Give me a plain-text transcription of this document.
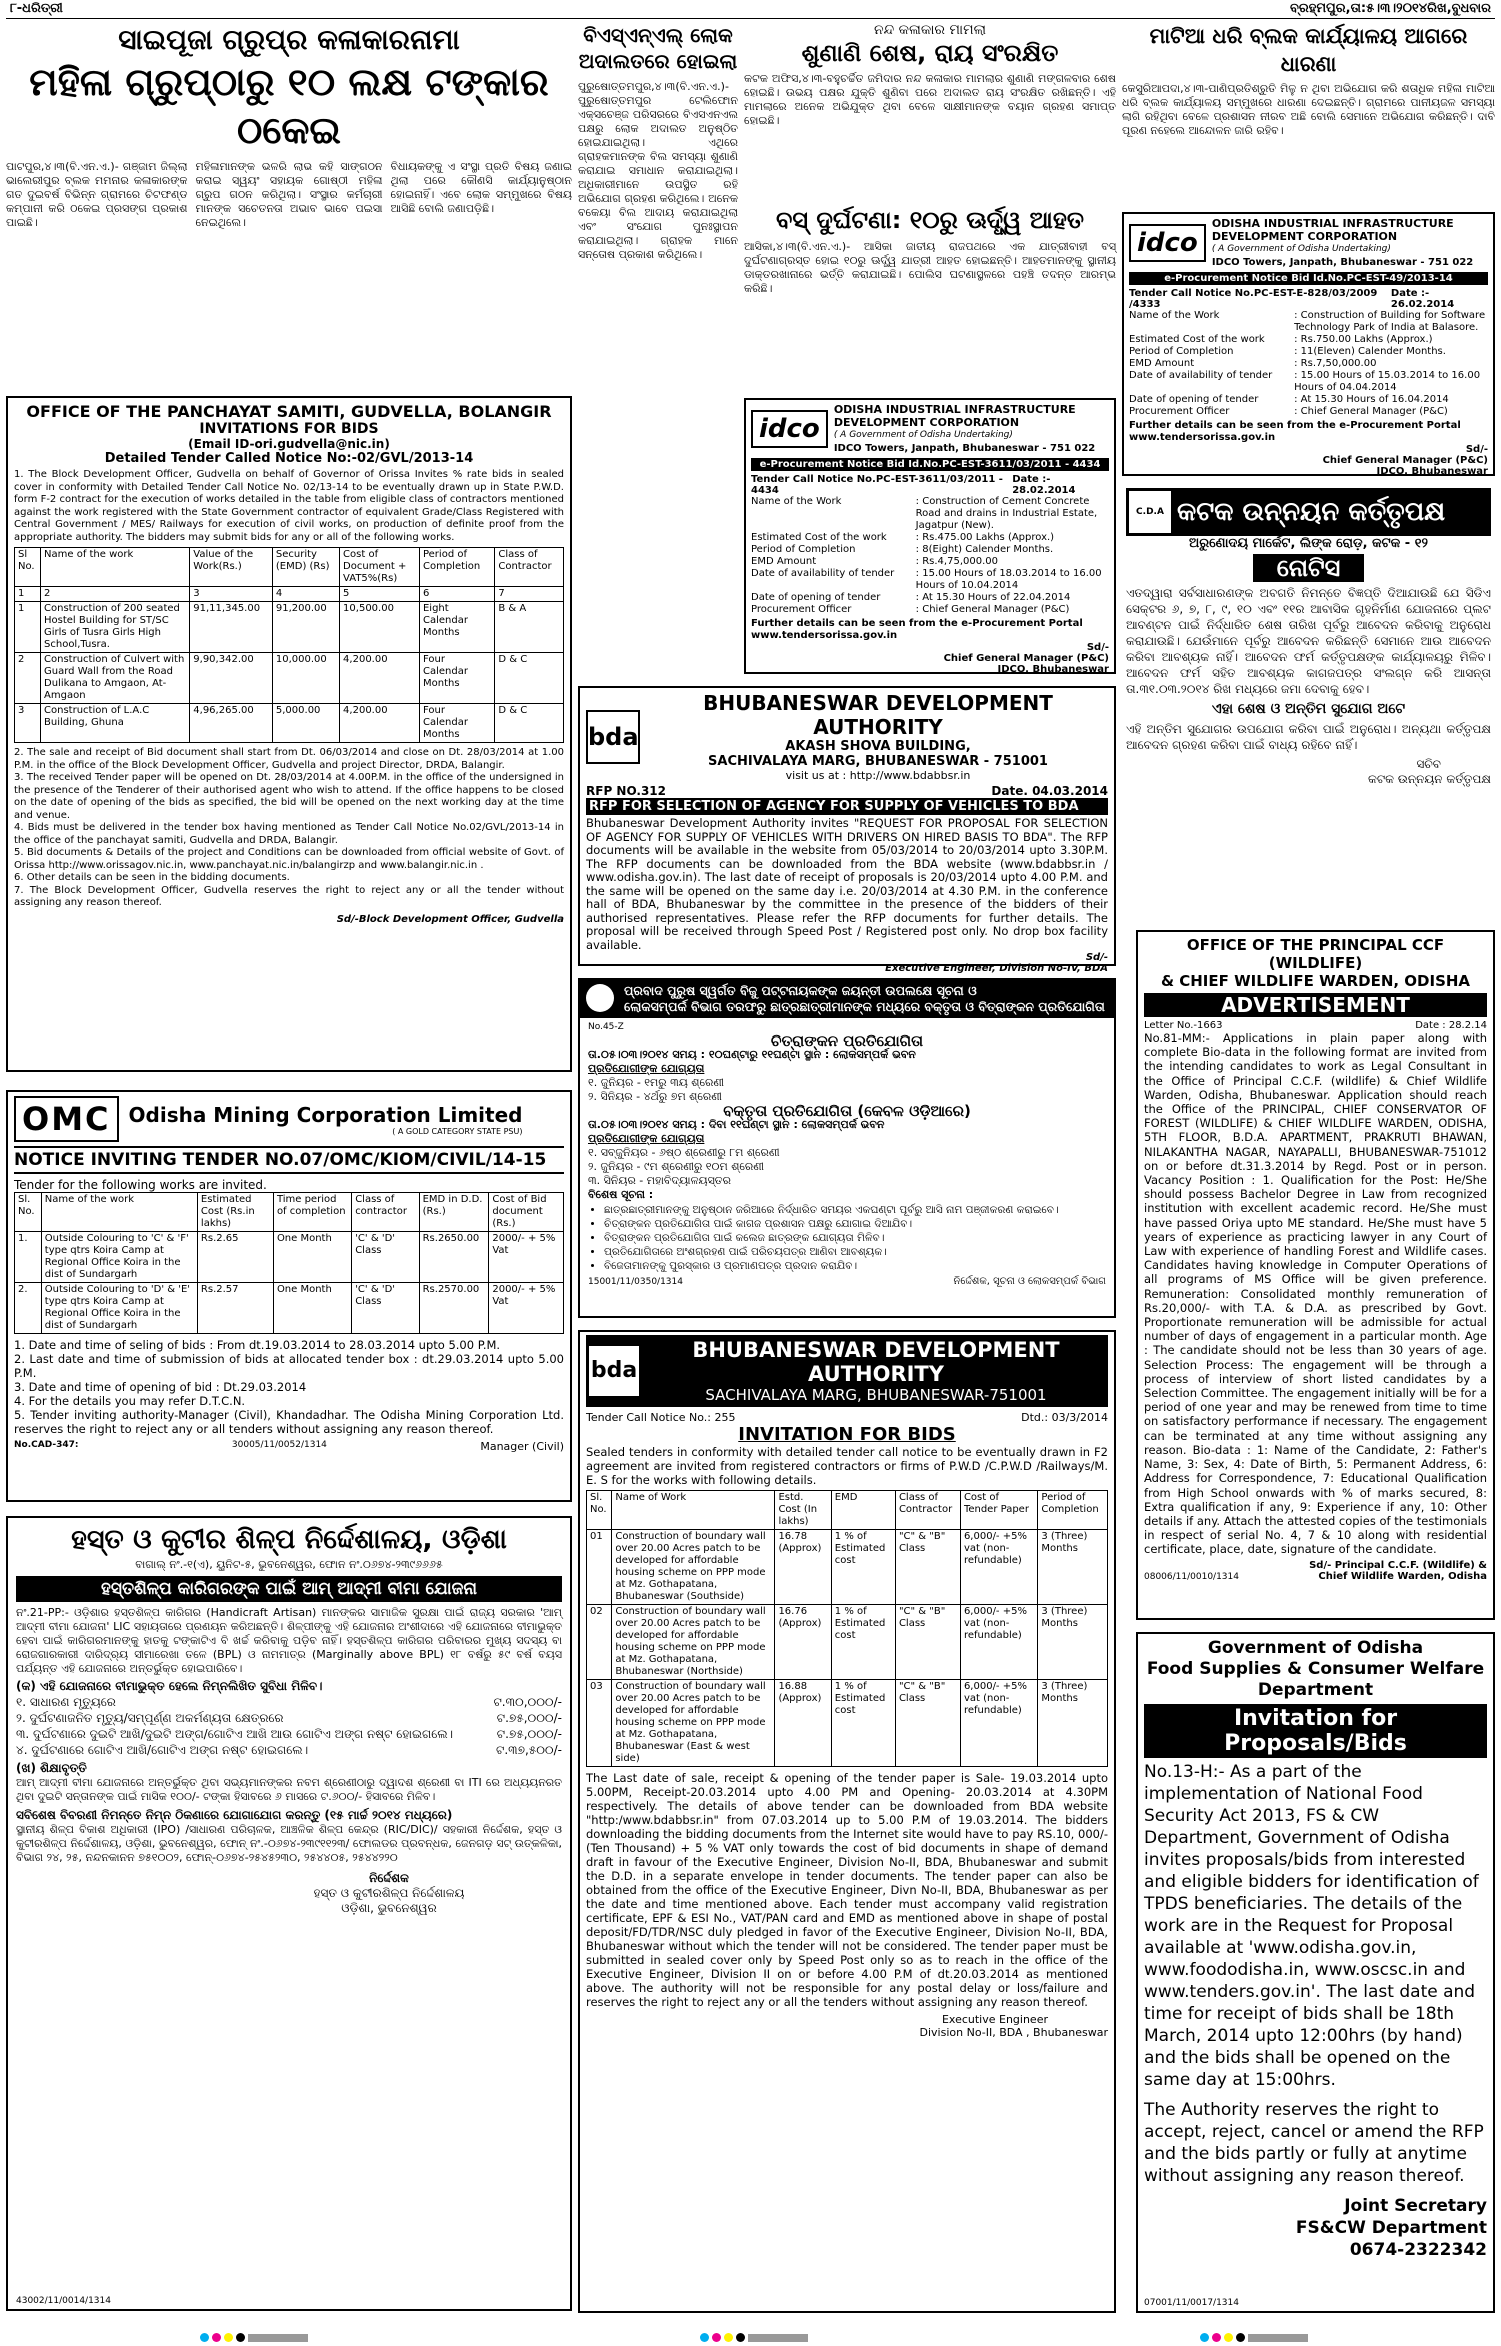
୮-ଧରିତ୍ରୀ	ବ୍ରହ୍ମପୁର,ତା:୫।୩।୨୦୧୪ରିଖ,ବୁଧବାର
ସାଇପୂଜା ଗ୍ରୁପ୍ର କଳାକାରନାମା
ମହିଳା ଗ୍ରୁପ୍‌ଠାରୁ ୧୦ ଲକ୍ଷ ଟଙ୍କାର ଠକେଇ
ପାଟପୁର,୪।୩(ବି.ଏନ.ଏ.)- ଗଞ୍ଜାମ ଜିଲ୍ଲା ଭାଲେରୀପୁର ବ୍ଲକ ମମନାର କଳାକାରଙ୍କ ଗତ ଦୁଇବର୍ଷ ବିଭିନ୍ନ ଗ୍ରାମରେ ଚିଟଫଣ୍ଡ କମ୍ପାନୀ କରି ଠକେଇ ପ୍ରସଙ୍ଗ ପ୍ରକାଶ ପାଇଛି।
ମହିଳାମାନଙ୍କ ଭଳରି ଲାଭ କହି ସାଙ୍ଗଠନ କରାଇ ସ୍ୱୟଂ ସହାୟକ ଗୋଷ୍ଠୀ ମହିଳା ଗ୍ରୁପ ଗଠନ କରିଥିଲା। ସଂସ୍ଥାର କର୍ମଚାରୀ ମାନଙ୍କ ସଚେତନତା ଅଭାବ ଭାବେ ପଇସା ନେଇଥିଲେ।
ବିଧାୟକଙ୍କୁ ଏ ସଂସ୍ଥା ପ୍ରତି ବିଷୟ ଜଣାଇ ଥିଲା ପରେ କୌଣସି କାର୍ଯ୍ୟାନୁଷ୍ଠାନ ହୋଇନାହିଁ। ଏବେ ଲୋକ ସମ୍ମୁଖରେ ବିଷୟ ଆସିଛି ବୋଲି ଜଣାପଡ଼ିଛି।
ବିଏସ୍‌ଏନ୍‌ଏଲ୍ ଲୋକ ଅଦାଲତରେ ହୋଇଲା
ପୁରୁଷୋତ୍ତମପୁର,୪।୩(ବି.ଏନ.ଏ.)- ପୁରୁଷୋତ୍ତମପୁର ଟେଲିଫୋନ ଏକ୍ସଚେଞ୍ଜ ପରିସରରେ ବିଏସଏନଏଲ ପକ୍ଷରୁ ଲୋକ ଅଦାଲତ ଅନୁଷ୍ଠିତ ହୋଇଯାଇଥିଲା। ଏଥିରେ ଗ୍ରାହକମାନଙ୍କ ବିଲ ସମସ୍ୟା ଶୁଣାଣି କରାଯାଇ ସମାଧାନ କରାଯାଇଥିଲା। ଅଧିକାରୀମାନେ ଉପସ୍ଥିତ ରହି ଅଭିଯୋଗ ଗ୍ରହଣ କରିଥିଲେ। ଅନେକ ବକେୟା ବିଲ ଆଦାୟ କରାଯାଇଥିଲା ଏବଂ ସଂଯୋଗ ପୁନଃସ୍ଥାପନ କରାଯାଇଥିଲା। ଗ୍ରାହକ ମାନେ ସନ୍ତୋଷ ପ୍ରକାଶ କରିଥିଲେ।
ନନ୍ଦ କଳାକାର ମାମଲା
ଶୁଣାଣି ଶେଷ, ରାୟ ସଂରକ୍ଷିତ
କଟକ ଅଫିସ,୪।୩-ବହୁଚର୍ଚ୍ଚିତ ଜମିଦାର ନନ୍ଦ କଳାକାର ମାମଲାର ଶୁଣାଣି ମଙ୍ଗଳବାର ଶେଷ ହୋଇଛି। ଉଭୟ ପକ୍ଷର ଯୁକ୍ତି ଶୁଣିବା ପରେ ଅଦାଲତ ରାୟ ସଂରକ୍ଷିତ ରଖିଛନ୍ତି। ଏହି ମାମଲାରେ ଅନେକ ଅଭିଯୁକ୍ତ ଥିବା ବେଳେ ସାକ୍ଷୀମାନଙ୍କ ବୟାନ ଗ୍ରହଣ ସମାପ୍ତ ହୋଇଛି।
ବସ୍ ଦୁର୍ଘଟଣା: ୧୦ରୁ ଊର୍ଦ୍ଧ୍ୱ ଆହତ
ଆସିକା,୪।୩(ବି.ଏନ.ଏ.)- ଆସିକା ଜାତୀୟ ରାଜପଥରେ ଏକ ଯାତ୍ରୀବାହୀ ବସ୍ ଦୁର୍ଘଟଣାଗ୍ରସ୍ତ ହୋଇ ୧୦ରୁ ଊର୍ଦ୍ଧ୍ୱ ଯାତ୍ରୀ ଆହତ ହୋଇଛନ୍ତି। ଆହତମାନଙ୍କୁ ସ୍ଥାନୀୟ ଡାକ୍ତରଖାନାରେ ଭର୍ତ୍ତି କରାଯାଇଛି। ପୋଲିସ ଘଟଣାସ୍ଥଳରେ ପହଞ୍ଚି ତଦନ୍ତ ଆରମ୍ଭ କରିଛି।
ମାଟିଆ ଧରି ବ୍ଲକ କାର୍ଯ୍ୟାଳୟ ଆଗରେ ଧାରଣା
କେସୁରିଆପଦା,୪।୩-ପାଣିପ୍ରତିଶ୍ରୁତି ମିଳୁ ନ ଥିବା ଅଭିଯୋଗ କରି ଶତାଧିକ ମହିଳା ମାଟିଆ ଧରି ବ୍ଲକ କାର୍ଯ୍ୟାଳୟ ସମ୍ମୁଖରେ ଧାରଣା ଦେଇଛନ୍ତି। ଗ୍ରାମରେ ପାନୀୟଜଳ ସମସ୍ୟା ଲାଗି ରହିଥିବା ବେଳେ ପ୍ରଶାସନ ନୀରବ ଅଛି ବୋଲି ସେମାନେ ଅଭିଯୋଗ କରିଛନ୍ତି। ଦାବି ପୂରଣ ନହେଲେ ଆନ୍ଦୋଳନ ଜାରି ରହିବ।
OFFICE OF THE PANCHAYAT SAMITI, GUDVELLA, BOLANGIR
INVITATIONS FOR BIDS
(Email ID-ori.gudvella@nic.in)
Detailed Tender Called Notice No:-02/GVL/2013-14
1. The Block Development Officer, Gudvella on behalf of Governor of Orissa Invites % rate bids in sealed cover in conformity with Detailed Tender Call Notice No. 02/13-14 to be eventually drawn up in State P.W.D. form F-2 contract for the execution of works detailed in the table from eligible class of contractors mentioned against the work registered with the State Government contractor of equivalent Grade/Class Registered with Central Government / MES/ Railways for execution of civil works, on production of definite proof from the appropriate authority. The bidders may submit bids for any or all of the following works.
Sl No.	Name of the work	Value of the Work(Rs.)	Security (EMD) (Rs)	Cost of Document + VAT5%(Rs)	Period of Completion	Class of Contractor
1	2	3	4	5	6	7
1	Construction of 200 seated Hostel Building for ST/SC Girls of Tusra Girls High School,Tusra.	91,11,345.00	91,200.00	10,500.00	Eight Calendar Months	B & A
2	Construction of Culvert with Guard Wall from the Road Dulikana to Amgaon, At-Amgaon	9,90,342.00	10,000.00	4,200.00	Four Calendar Months	D & C
3	Construction of L.A.C Building, Ghuna	4,96,265.00	5,000.00	4,200.00	Four Calendar Months	D & C
2. The sale and receipt of Bid document shall start from Dt. 06/03/2014 and close on Dt. 28/03/2014 at 1.00 P.M. in the office of the Block Development Officer, Gudvella and project Director, DRDA, Balangir.
3. The received Tender paper will be opened on Dt. 28/03/2014 at 4.00P.M. in the office of the undersigned in the presence of the Tenderer of their authorised agent who wish to attend. If the office happens to be closed on the date of opening of the bids as specified, the bid will be opened on the next working day at the time and venue.
4. Bids must be delivered in the tender box having mentioned as Tender Call Notice No.02/GVL/2013-14 in the office of the panchayat samiti, Gudvella and DRDA, Balangir.
5. Bid documents & Details of the project and Conditions can be downloaded from official website of Govt. of Orissa http://www.orissagov.nic.in, www.panchayat.nic.in/balangirzp and www.balangir.nic.in .
6. Other details can be seen in the bidding documents.
7. The Block Development Officer, Gudvella reserves the right to reject any or all the tender without assigning any reason thereof.
Sd/-Block Development Officer, Gudvella
OMC Odisha Mining Corporation Limited
( A GOLD CATEGORY STATE PSU)
NOTICE INVITING TENDER NO.07/OMC/KIOM/CIVIL/14-15
Tender for the following works are invited.
Sl. No.	Name of the work	Estimated Cost (Rs.in lakhs)	Time period of completion	Class of contractor	EMD in D.D. (Rs.)	Cost of Bid document (Rs.)
1.	Outside Colouring to 'C' & 'F' type qtrs Koira Camp at Regional Office Koira in the dist of Sundargarh	Rs.2.65	One Month	'C' & 'D' Class	Rs.2650.00	2000/- + 5% Vat
2.	Outside Colouring to 'D' & 'E' type qtrs Koira Camp at Regional Office Koira in the dist of Sundargarh	Rs.2.57	One Month	'C' & 'D' Class	Rs.2570.00	2000/- + 5% Vat
1. Date and time of seling of bids : From dt.19.03.2014 to 28.03.2014 upto 5.00 P.M.
2. Last date and time of submission of bids at allocated tender box : dt.29.03.2014 upto 5.00 P.M.
3. Date and time of opening of bid : Dt.29.03.2014
4. For the details you may refer D.T.C.N.
5. Tender inviting authority-Manager (Civil), Khandadhar. The Odisha Mining Corporation Ltd. reserves the right to reject any or all tenders without assigning any reason thereof.
No.CAD-347:	30005/11/0052/1314	Manager (Civil)
ହସ୍ତ ଓ କୁଟୀର ଶିଳ୍ପ ନିର୍ଦ୍ଦେଶାଳୟ, ଓଡ଼ିଶା
ବାଗାଲ୍ ନଂ.-୧(ଏ), ୟୁନିଟ-୫, ଭୁବନେଶ୍ୱର, ଫୋନ ନଂ.୦୬୭୪-୨୩୯୬୬୬୫
ହସ୍ତଶିଳ୍ପ କାରିଗରଙ୍କ ପାଇଁ ଆମ୍ ଆଦ୍‌ମୀ ବୀମା ଯୋଜନା
ନଂ.21-PP:- ଓଡ଼ିଶାର ହସ୍ତଶିଳ୍ପ କାରିଗର (Handicraft Artisan) ମାନଙ୍କର ସାମାଜିକ ସୁରକ୍ଷା ପାଇଁ ରାଜ୍ୟ ସରକାର 'ଆମ୍ ଆଦ୍‌ମୀ ବୀମା ଯୋଜନା' LIC ସହାୟତାରେ ପ୍ରଣୟନ କରିଅଛନ୍ତି। ଶିଳ୍ପୀଙ୍କୁ ଏହି ଯୋଜନାର ଅଂଶୀଦାରେ ଏହି ଯୋଜନାରେ ବୀମାଭୁକ୍ତ ହେବା ପାଇଁ କାରିଗରମାନଙ୍କୁ ହାତକୁ ଟଙ୍କାଟିଏ ବି ଖର୍ଚ୍ଚ କରିବାକୁ ପଡ଼ିବ ନାହିଁ। ହସ୍ତଶିଳ୍ପ କାରିଗର ପରିବାରର ମୁଖ୍ୟ ସଦସ୍ୟ ବା ରୋଜଗାରକାରୀ ଦାରିଦ୍ର୍ୟ ସୀମାରେଖା ତଳେ (BPL) ଓ ନାମମାତ୍ର (Marginally above BPL) ୧୮ ବର୍ଷରୁ ୫୯ ବର୍ଷ ବୟସ ପର୍ଯ୍ୟନ୍ତ ଏହି ଯୋଜନାରେ ଅନ୍ତର୍ଭୁକ୍ତ ହୋଇପାରିବେ।
(କ) ଏହି ଯୋଜନାରେ ବୀମାଭୁକ୍ତ ହେଲେ ନିମ୍ନଲିଖିତ ସୁବିଧା ମିଳିବ।
୧. ସାଧାରଣ ମୃତ୍ୟୁରେ	ଟ.୩୦,୦୦୦/-
୨. ଦୁର୍ଘଟଣାଜନିତ ମୃତ୍ୟୁ/ସମ୍ପୂର୍ଣ୍ଣ ଅକର୍ମଣ୍ୟତା କ୍ଷେତ୍ରରେ	ଟ.୭୫,୦୦୦/-
୩. ଦୁର୍ଘଟଣାରେ ଦୁଇଟି ଆଖି/ଦୁଇଟି ଅଙ୍ଗ/ଗୋଟିଏ ଆଖି ଆଉ ଗୋଟିଏ ଅଙ୍ଗ ନଷ୍ଟ ହୋଇଗଲେ।	ଟ.୭୫,୦୦୦/-
୪. ଦୁର୍ଘଟଣାରେ ଗୋଟିଏ ଆଖି/ଗୋଟିଏ ଅଙ୍ଗ ନଷ୍ଟ ହୋଇଗଲେ।	ଟ.୩୭,୫୦୦/-
(ଖ) ଶିକ୍ଷାବୃତ୍ତି
ଆମ୍ ଆଦ୍‌ମୀ ବୀମା ଯୋଜନାରେ ଅନ୍ତର୍ଭୁକ୍ତ ଥିବା ସଭ୍ୟମାନଙ୍କର ନବମ ଶ୍ରେଣୀଠାରୁ ଦ୍ୱାଦଶ ଶ୍ରେଣୀ ବା ITI ରେ ଅଧ୍ୟୟନରତ ଥିବା ଦୁଇଟି ସନ୍ତାନଙ୍କ ପାଇଁ ମାସିକ ୧୦୦/- ଟଙ୍କା ହିସାବରେ ୬ ମାସରେ ଟ.୬୦୦/- ହିସାବରେ ମିଳିବ।
ସବିଶେଷ ବିବରଣୀ ନିମନ୍ତେ ନିମ୍ନ ଠିକଣାରେ ଯୋଗାଯୋଗ କରନ୍ତୁ (୧୫ ମାର୍ଚ୍ଚ ୨୦୧୪ ମଧ୍ୟରେ)
ସ୍ଥାନୀୟ ଶିଳ୍ପ ବିକାଶ ଅଧିକାରୀ (IPO) /ସାଧାରଣ ପରିଚାଳକ, ଆଞ୍ଚଳିକ ଶିଳ୍ପ କେନ୍ଦ୍ର (RIC/DIC)/ ସହକାରୀ ନିର୍ଦ୍ଦେଶକ, ହସ୍ତ ଓ କୁଟୀରଶିଳ୍ପ ନିର୍ଦ୍ଦେଶାଳୟ, ଓଡ଼ିଶା, ଭୁବନେଶ୍ୱର, ଫୋନ୍ ନଂ.-୦୬୭୪-୨୩୯୧୧୨୩/ ଫୋଲଡର ପ୍ରବନ୍ଧକ, ଜେନଗଡ଼ ସଟ୍ ଉତ୍କଳିକା, ବିଭାଗ ୨୪, ୨୫, ନନ୍ଦନକାନନ ୭୫୧୦୦୨, ଫୋନ୍-୦୬୭୪-୨୫୪୫୨୩୦, ୨୫୪୪୦୫, ୨୫୪୪୨୨୦
ନିର୍ଦ୍ଦେଶକ
ହସ୍ତ ଓ କୁଟୀରଶିଳ୍ପ ନିର୍ଦ୍ଦେଶାଳୟ
ଓଡ଼ିଶା, ଭୁବନେଶ୍ୱର
43002/11/0014/1314
idco
ODISHA INDUSTRIAL INFRASTRUCTURE DEVELOPMENT CORPORATION
( A Government of Odisha Undertaking)
IDCO Towers, Janpath, Bhubaneswar - 751 022
e-Procurement Notice Bid Id.No.PC-EST-3611/03/2011 - 4434
Tender Call Notice No.PC-EST-3611/03/2011 - 4434
Date :- 28.02.2014
Name of the Work	: Construction of Cement Concrete Road and drains in Industrial Estate, Jagatpur (New).
Estimated Cost of the work	: Rs.475.00 Lakhs (Approx.)
Period of Completion	: 8(Eight) Calender Months.
EMD Amount	: Rs.4,75,000.00
Date of availability of tender	: 15.00 Hours of 18.03.2014 to 16.00 Hours of 10.04.2014
Date of opening of tender	: At 15.30 Hours of 22.04.2014
Procurement Officer	: Chief General Manager (P&C)
Further details can be seen from the e-Procurement Portal www.tendersorissa.gov.in
Sd/-
Chief General Manager (P&C)
IDCO, Bhubaneswar
idco
ODISHA INDUSTRIAL INFRASTRUCTURE DEVELOPMENT CORPORATION
( A Government of Odisha Undertaking)
IDCO Towers, Janpath, Bhubaneswar - 751 022
e-Procurement Notice Bid Id.No.PC-EST-49/2013-14
Tender Call Notice No.PC-EST-E-828/03/2009 /4333
Date :- 26.02.2014
Name of the Work	: Construction of Building for Software Technology Park of India at Balasore.
Estimated Cost of the work	: Rs.750.00 Lakhs (Approx.)
Period of Completion	: 11(Eleven) Calender Months.
EMD Amount	: Rs.7,50,000.00
Date of availability of tender	: 15.00 Hours of 15.03.2014 to 16.00 Hours of 04.04.2014
Date of opening of tender	: At 15.30 Hours of 16.04.2014
Procurement Officer	: Chief General Manager (P&C)
Further details can be seen from the e-Procurement Portal www.tendersorissa.gov.in
Sd/-
Chief General Manager (P&C)
IDCO, Bhubaneswar
bda
BHUBANESWAR DEVELOPMENT AUTHORITY
AKASH SHOVA BUILDING,
SACHIVALAYA MARG, BHUBANESWAR - 751001
visit us at : http://www.bdabbsr.in
RFP NO.312	Date. 04.03.2014
RFP FOR SELECTION OF AGENCY FOR SUPPLY OF VEHICLES TO BDA
Bhubaneswar Development Authority invites "REQUEST FOR PROPOSAL FOR SELECTION OF AGENCY FOR SUPPLY OF VEHICLES WITH DRIVERS ON HIRED BASIS TO BDA". The RFP documents will be available in the website from 05/03/2014 to 20/03/2014 upto 3.30P.M. The RFP documents can be downloaded from the BDA website (www.bdabbsr.in / www.odisha.gov.in). The last date of receipt of proposals is 20/03/2014 upto 4.00 P.M. and the same will be opened on the same day i.e. 20/03/2014 at 4.30 P.M. in the conference hall of BDA, Bhubaneswar by the committee in the presence of the bidders of their authorised representatives. Please refer the RFP documents for further details. The proposal will be received through Speed Post / Registered post only. No drop box facility available.
Sd/-
Executive Engineer, Division No-IV, BDA
ପ୍ରବାଦ ପୁରୁଷ ସ୍ୱର୍ଗତ ବିଜୁ ପଟ୍ଟନାୟକଙ୍କ ଜୟନ୍ତୀ ଉପଲକ୍ଷେ ସୂଚନା ଓ
ଲୋକସମ୍ପର୍କ ବିଭାଗ ତରଫରୁ ଛାତ୍ରଛାତ୍ରୀମାନଙ୍କ ମଧ୍ୟରେ ବକ୍ତୃତା ଓ ବିତ୍ରାଙ୍କନ ପ୍ରତିଯୋଗିତା
No.45-Z
ଚିତ୍ରାଙ୍କନ ପ୍ରତିଯୋଗିତା
ତା.୦୫।୦୩।୨୦୧୪ ସମୟ : ୧୦ଘଣ୍ଟାରୁ ୧୧ଘଣ୍ଟା ସ୍ଥାନ : ଲୋକସମ୍ପର୍କ ଭବନ
ପ୍ରତିଯୋଗୀଙ୍କ ଯୋଗ୍ୟତା
୧. ଜୁନିୟର - ୧ମରୁ ୩ୟ ଶ୍ରେଣୀ
୨. ସିନିୟର - ୪ର୍ଥରୁ ୭ମ ଶ୍ରେଣୀ
ବକ୍ତୃତା ପ୍ରତିଯୋଗିତା (କେବଳ ଓଡ଼ିଆରେ)
ତା.୦୫।୦୩।୨୦୧୪ ସମୟ : ଦିବା ୧୧ଘଣ୍ଟା ସ୍ଥାନ : ଲୋକସମ୍ପର୍କ ଭବନ
ପ୍ରତିଯୋଗୀଙ୍କ ଯୋଗ୍ୟତା
୧. ସବ୍‌ଜୁନିୟର - ୬ଷ୍ଠ ଶ୍ରେଣୀରୁ ୮ମ ଶ୍ରେଣୀ
୨. ଜୁନିୟର - ୯ମ ଶ୍ରେଣୀରୁ ୧୦ମ ଶ୍ରେଣୀ
୩. ସିନିୟର - ମହାବିଦ୍ୟାଳୟସ୍ତର
ବିଶେଷ ସୂଚନା :
• ଛାତ୍ରଛାତ୍ରୀମାନଙ୍କୁ ଅନୁଷ୍ଠାନ ଜରିଆରେ ନିର୍ଦ୍ଧାରିତ ସମୟର ଏକଘଣ୍ଟା ପୂର୍ବରୁ ଆସି ନାମ ପଞ୍ଜୀକରଣ କରାଇବେ।
• ଚିତ୍ରାଙ୍କନ ପ୍ରତିଯୋଗିତା ପାଇଁ କାଗଜ ପ୍ରଶାସନ ପକ୍ଷରୁ ଯୋଗାଇ ଦିଆଯିବ।
• ବିତ୍ରାଙ୍କନ ପ୍ରତିଯୋଗିତା ପାଇଁ କଲେଜ ଛାତ୍ରଙ୍କ ଯୋଗ୍ୟତା ମିଳିବ।
• ପ୍ରତିଯୋଗିତାରେ ଅଂଶଗ୍ରହଣ ପାଇଁ ପରିଚୟପତ୍ର ଆଣିବା ଆବଶ୍ୟକ।
• ବିଜେତାମାନଙ୍କୁ ପୁରସ୍କାର ଓ ପ୍ରମାଣପତ୍ର ପ୍ରଦାନ କରାଯିବ।
15001/11/0350/1314	ନିର୍ଦ୍ଦେଶକ, ସୂଚନା ଓ ଲୋକସମ୍ପର୍କ ବିଭାଗ
bda
BHUBANESWAR DEVELOPMENT AUTHORITY
SACHIVALAYA MARG, BHUBANESWAR-751001
Tender Call Notice No.: 255	Dtd.: 03/3/2014
INVITATION FOR BIDS
Sealed tenders in conformity with detailed tender call notice to be eventually drawn in F2 agreement are invited from registered contractors or firms of P.W.D /C.P.W.D /Railways/M. E. S for the works with following details.
Sl. No.	Name of Work	Estd. Cost (In lakhs)	EMD	Class of Contractor	Cost of Tender Paper	Period of Completion
01	Construction of boundary wall over 20.00 Acres patch to be developed for affordable housing scheme on PPP mode at Mz. Gothapatana, Bhubaneswar (Southside)	16.78 (Approx)	1 % of Estimated cost	"C" & "B" Class	6,000/- +5% vat (non-refundable)	3 (Three) Months
02	Construction of boundary wall over 20.00 Acres patch to be developed for affordable housing scheme on PPP mode at Mz. Gothapatana, Bhubaneswar (Northside)	16.76 (Approx)	1 % of Estimated cost	"C" & "B" Class	6,000/- +5% vat (non-refundable)	3 (Three) Months
03	Construction of boundary wall over 20.00 Acres patch to be developed for affordable housing scheme on PPP mode at Mz. Gothapatana, Bhubaneswar (East & west side)	16.88 (Approx)	1 % of Estimated cost	"C" & "B" Class	6,000/- +5% vat (non-refundable)	3 (Three) Months
The Last date of sale, receipt & opening of the tender paper is Sale- 19.03.2014 upto 5.00PM, Receipt-20.03.2014 upto 4.00 PM and Opening- 20.03.2014 at 4.30PM respectively. The details of above tender can be downloaded from BDA website "http:/www.bdabbsr.in" from 07.03.2014 up to 5.00 P.M of 19.03.2014. The bidders downloading the bidding documents from the Internet site would have to pay RS.10, 000/- (Ten Thousand) + 5 % VAT only towards the cost of bid documents in shape of demand draft in favour of the Executive Engineer, Division No-II, BDA, Bhubaneswar and submit the D.D. in a separate envelope in tender documents. The tender paper can also be obtained from the office of the Executive Engineer, Divn No-II, BDA, Bhubaneswar as per the date and time mentioned above. Each tender must accompany valid registration certificate, EPF & ESI No., VAT/PAN card and EMD as mentioned above in shape of postal deposit/FD/TDR/NSC duly pledged in favor of the Executive Engineer, Division No-II, BDA, Bhubaneswar without which the tender will not be considered. The tender paper must be submitted in sealed cover only by Speed Post only so as to reach in the office of the Executive Engineer, Division II on or before 4.00 P.M of dt.20.03.2014 as mentioned above. The authority will not be responsible for any postal delay or loss/failure and reserves the right to reject any or all the tenders without assigning any reason thereof.
Executive Engineer
Division No-II, BDA , Bhubaneswar
C.D.A କଟକ ଉନ୍ନୟନ କର୍ତ୍ତୃପକ୍ଷ
ଅରୁଣୋଦୟ ମାର୍କେଟ, ଲିଙ୍କ ରୋଡ଼, କଟକ - ୧୨
ନୋଟିସ
ଏତଦ୍ୱାରା ସର୍ବସାଧାରଣଙ୍କ ଅବଗତି ନିମନ୍ତେ ବିଜ୍ଞପ୍ତି ଦିଆଯାଉଛି ଯେ ସିଡିଏ ସେକ୍ଟର ୬, ୭, ୮, ୯, ୧୦ ଏବଂ ୧୧ର ଆବାସିକ ଗୃହନିର୍ମାଣ ଯୋଜନାରେ ପ୍ଲଟ ଆବଣ୍ଟନ ପାଇଁ ନିର୍ଦ୍ଧାରିତ ଶେଷ ତାରିଖ ପୂର୍ବରୁ ଆବେଦନ କରିବାକୁ ଅନୁରୋଧ କରାଯାଉଛି। ଯେଉଁମାନେ ପୂର୍ବରୁ ଆବେଦନ କରିଛନ୍ତି ସେମାନେ ଆଉ ଆବେଦନ କରିବା ଆବଶ୍ୟକ ନାହିଁ। ଆବେଦନ ଫର୍ମ କର୍ତ୍ତୃପକ୍ଷଙ୍କ କାର୍ଯ୍ୟାଳୟରୁ ମିଳିବ। ଆବେଦନ ଫର୍ମ ସହିତ ଆବଶ୍ୟକ କାଗଜପତ୍ର ସଂଲଗ୍ନ କରି ଆସନ୍ତା ତା.୩୧.୦୩.୨୦୧୪ ରିଖ ମଧ୍ୟରେ ଜମା ଦେବାକୁ ହେବ।
ଏହା ଶେଷ ଓ ଅନ୍ତିମ ସୁଯୋଗ ଅଟେ
ଏହି ଅନ୍ତିମ ସୁଯୋଗର ଉପଯୋଗ କରିବା ପାଇଁ ଅନୁରୋଧ। ଅନ୍ୟଥା କର୍ତ୍ତୃପକ୍ଷ ଆବେଦନ ଗ୍ରହଣ କରିବା ପାଇଁ ବାଧ୍ୟ ରହିବେ ନାହିଁ।
ସଚିବ
କଟକ ଉନ୍ନୟନ କର୍ତ୍ତୃପକ୍ଷ
OFFICE OF THE PRINCIPAL CCF (WILDLIFE)
& CHIEF WILDLIFE WARDEN, ODISHA
ADVERTISEMENT
Letter No.-1663	Date : 28.2.14
No.81-MM:- Applications in plain paper along with complete Bio-data in the following format are invited from the intending candidates to work as Legal Consultant in the Office of Principal C.C.F. (wildlife) & Chief Wildlife Warden, Odisha, Bhubaneswar. Application should reach the Office of the PRINCIPAL, CHIEF CONSERVATOR OF FOREST (WILDLIFE) & CHIEF WILDLIFE WARDEN, ODISHA, 5TH FLOOR, B.D.A. APARTMENT, PRAKRUTI BHAWAN, NILAKANTHA NAGAR, NAYAPALLI, BHUBANESWAR-751012 on or before dt.31.3.2014 by Regd. Post or in person. Vacancy Position : 1. Qualification for the Post: He/She should possess Bachelor Degree in Law from recognized institution with excellent academic record. He/She must have passed Oriya upto ME standard. He/She must have 5 years of experience as practicing lawyer in any Court of Law with experience of handling Forest and Wildlife cases. Candidates having knowledge in Computer Operations of all programs of MS Office will be given preference. Remuneration: Consolidated monthly remuneration of Rs.20,000/- with T.A. & D.A. as prescribed by Govt. Proportionate remuneration will be admissible for actual number of days of engagement in a particular month. Age : The candidate should not be less than 30 years of age. Selection Process: The engagement will be through a process of interview of short listed candidates by a Selection Committee. The engagement initially will be for a period of one year and may be renewed from time to time on satisfactory performance if necessary. The engagement can be terminated at any time without assigning any reason. Bio-data : 1: Name of the Candidate, 2: Father's Name, 3: Sex, 4: Date of Birth, 5: Permanent Address, 6: Address for Correspondence, 7: Educational Qualification from High School onwards with % of marks secured, 8: Extra qualification if any, 9: Experience if any, 10: Other details if any. Attach the attested copies of the testimonials in respect of serial No. 4, 7 & 10 along with residential certificate, place, date, signature of the candidate.
08006/11/0010/1314
Sd/- Principal C.C.F. (Wildlife) &
Chief Wildlife Warden, Odisha
Government of Odisha
Food Supplies & Consumer Welfare
Department
Invitation for Proposals/Bids
No.13-H:- As a part of the implementation of National Food Security Act 2013, FS & CW Department, Government of Odisha invites proposals/bids from interested and eligible bidders for identification of TPDS beneficiaries. The details of the work are in the Request for Proposal available at 'www.odisha.gov.in, www.foododisha.in, www.oscsc.in and www.tenders.gov.in'. The last date and time for receipt of bids shall be 18th March, 2014 upto 12:00hrs (by hand) and the bids shall be opened on the same day at 15:00hrs.
The Authority reserves the right to accept, reject, cancel or amend the RFP and the bids partly or fully at anytime without assigning any reason thereof.
Joint Secretary
FS&CW Department
0674-2322342
07001/11/0017/1314
